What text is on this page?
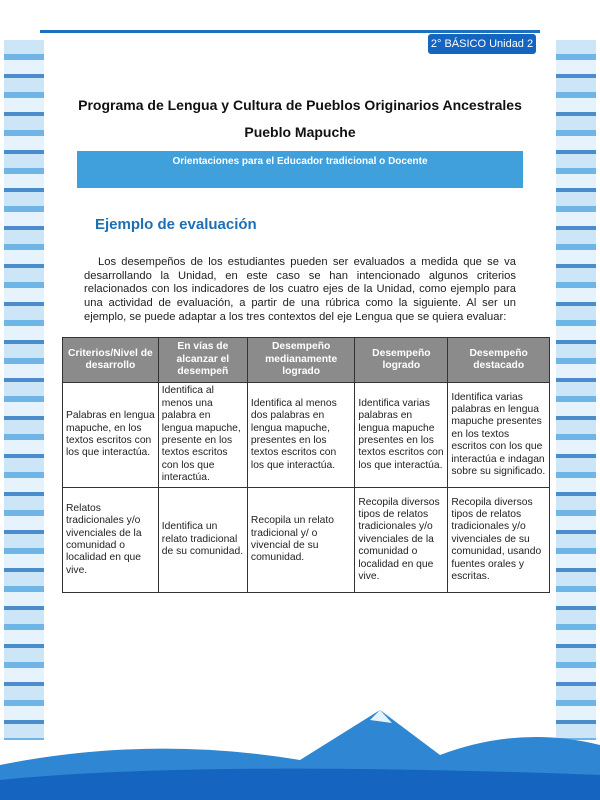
2° BÁSICO Unidad 2
Programa de Lengua y Cultura de Pueblos Originarios Ancestrales
Pueblo Mapuche
Orientaciones para el Educador tradicional o Docente
Ejemplo de evaluación
Los desempeños de los estudiantes pueden ser evaluados a medida que se va desarrollando la Unidad, en este caso se han intencionado algunos criterios relacionados con los indicadores de los cuatro ejes de la Unidad, como ejemplo para una actividad de evaluación, a partir de una rúbrica como la siguiente. Al ser un ejemplo, se puede adaptar a los tres contextos del eje Lengua que se quiera evaluar:
Criterios/Nivel de desarrollo	En vías de alcanzar el desempeñ	Desempeño medianamente logrado	Desempeño logrado	Desempeño destacado
Palabras en lengua mapuche, en los textos escritos con los que interactúa.	Identifica al menos una palabra en lengua mapuche, presente en los textos escritos con los que interactúa.	Identifica al menos dos palabras en lengua mapuche, presentes en los textos escritos con los que interactúa.	Identifica varias palabras en lengua mapuche presentes en los textos escritos con los que interactúa.	Identifica varias palabras en lengua mapuche presentes en los textos escritos con los que interactúa e indagan sobre su significado.
Relatos tradicionales y/o vivenciales de la comunidad o localidad en que vive.	Identifica un relato tradicional de su comunidad.	Recopila un relato tradicional y/ o vivencial de su comunidad.	Recopila diversos tipos de relatos tradicionales y/o vivenciales de la comunidad o localidad en que vive.	Recopila diversos tipos de relatos tradicionales y/o vivenciales de su comunidad, usando fuentes orales y escritas.
